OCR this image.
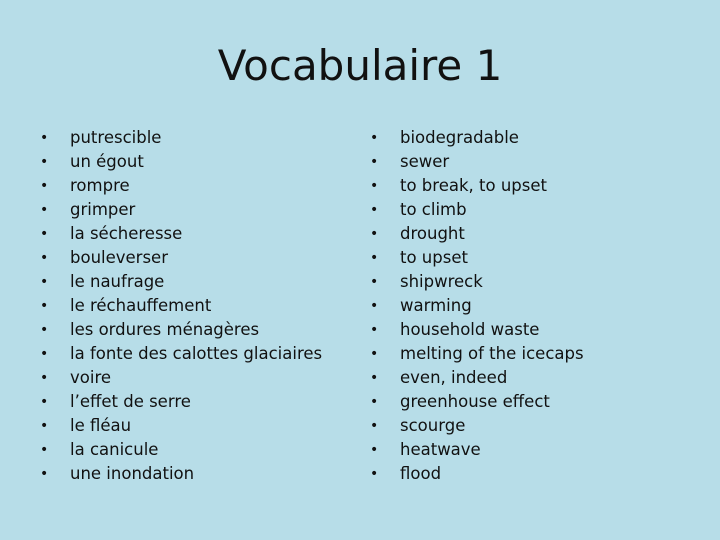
Vocabulaire 1
•	putrescible
•	un égout
•	rompre
•	grimper
•	la sécheresse
•	bouleverser
•	le naufrage
•	le réchauffement
•	les ordures ménagères
•	la fonte des calottes glaciaires
•	voire
•	l’effet de serre
•	le fléau
•	la canicule
•	une inondation
•	biodegradable
•	sewer
•	to break, to upset
•	to climb
•	drought
•	to upset
•	shipwreck
•	warming
•	household waste
•	melting of the icecaps
•	even, indeed
•	greenhouse effect
•	scourge
•	heatwave
•	flood
